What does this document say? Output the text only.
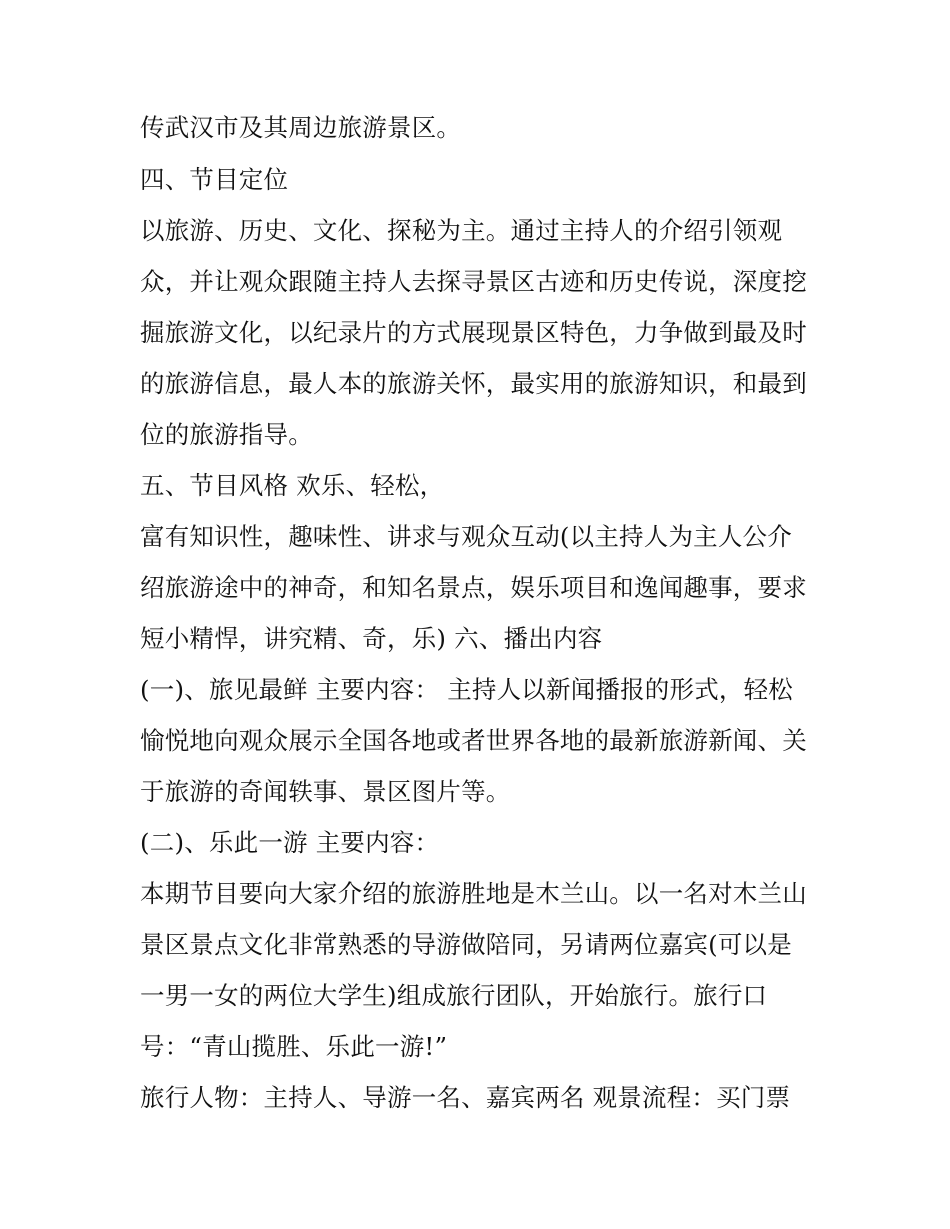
传武汉市及其周边旅游景区。
四、节目定位
以旅游、历史、文化、探秘为主。通过主持人的介绍引领观
众，并让观众跟随主持人去探寻景区古迹和历史传说，深度挖
掘旅游文化，以纪录片的方式展现景区特色，力争做到最及时
的旅游信息，最人本的旅游关怀，最实用的旅游知识，和最到
位的旅游指导。
五、节目风格 欢乐、轻松，
富有知识性，趣味性、讲求与观众互动(以主持人为主人公介
绍旅游途中的神奇，和知名景点，娱乐项目和逸闻趣事，要求
短小精悍，讲究精、奇，乐) 六、播出内容
(一)、旅见最鲜 主要内容： 主持人以新闻播报的形式，轻松
愉悦地向观众展示全国各地或者世界各地的最新旅游新闻、关
于旅游的奇闻轶事、景区图片等。
(二)、乐此一游 主要内容：
本期节目要向大家介绍的旅游胜地是木兰山。以一名对木兰山
景区景点文化非常熟悉的导游做陪同，另请两位嘉宾(可以是
一男一女的两位大学生)组成旅行团队，开始旅行。旅行口
号：“青山揽胜、乐此一游!”
旅行人物：主持人、导游一名、嘉宾两名 观景流程：买门票
